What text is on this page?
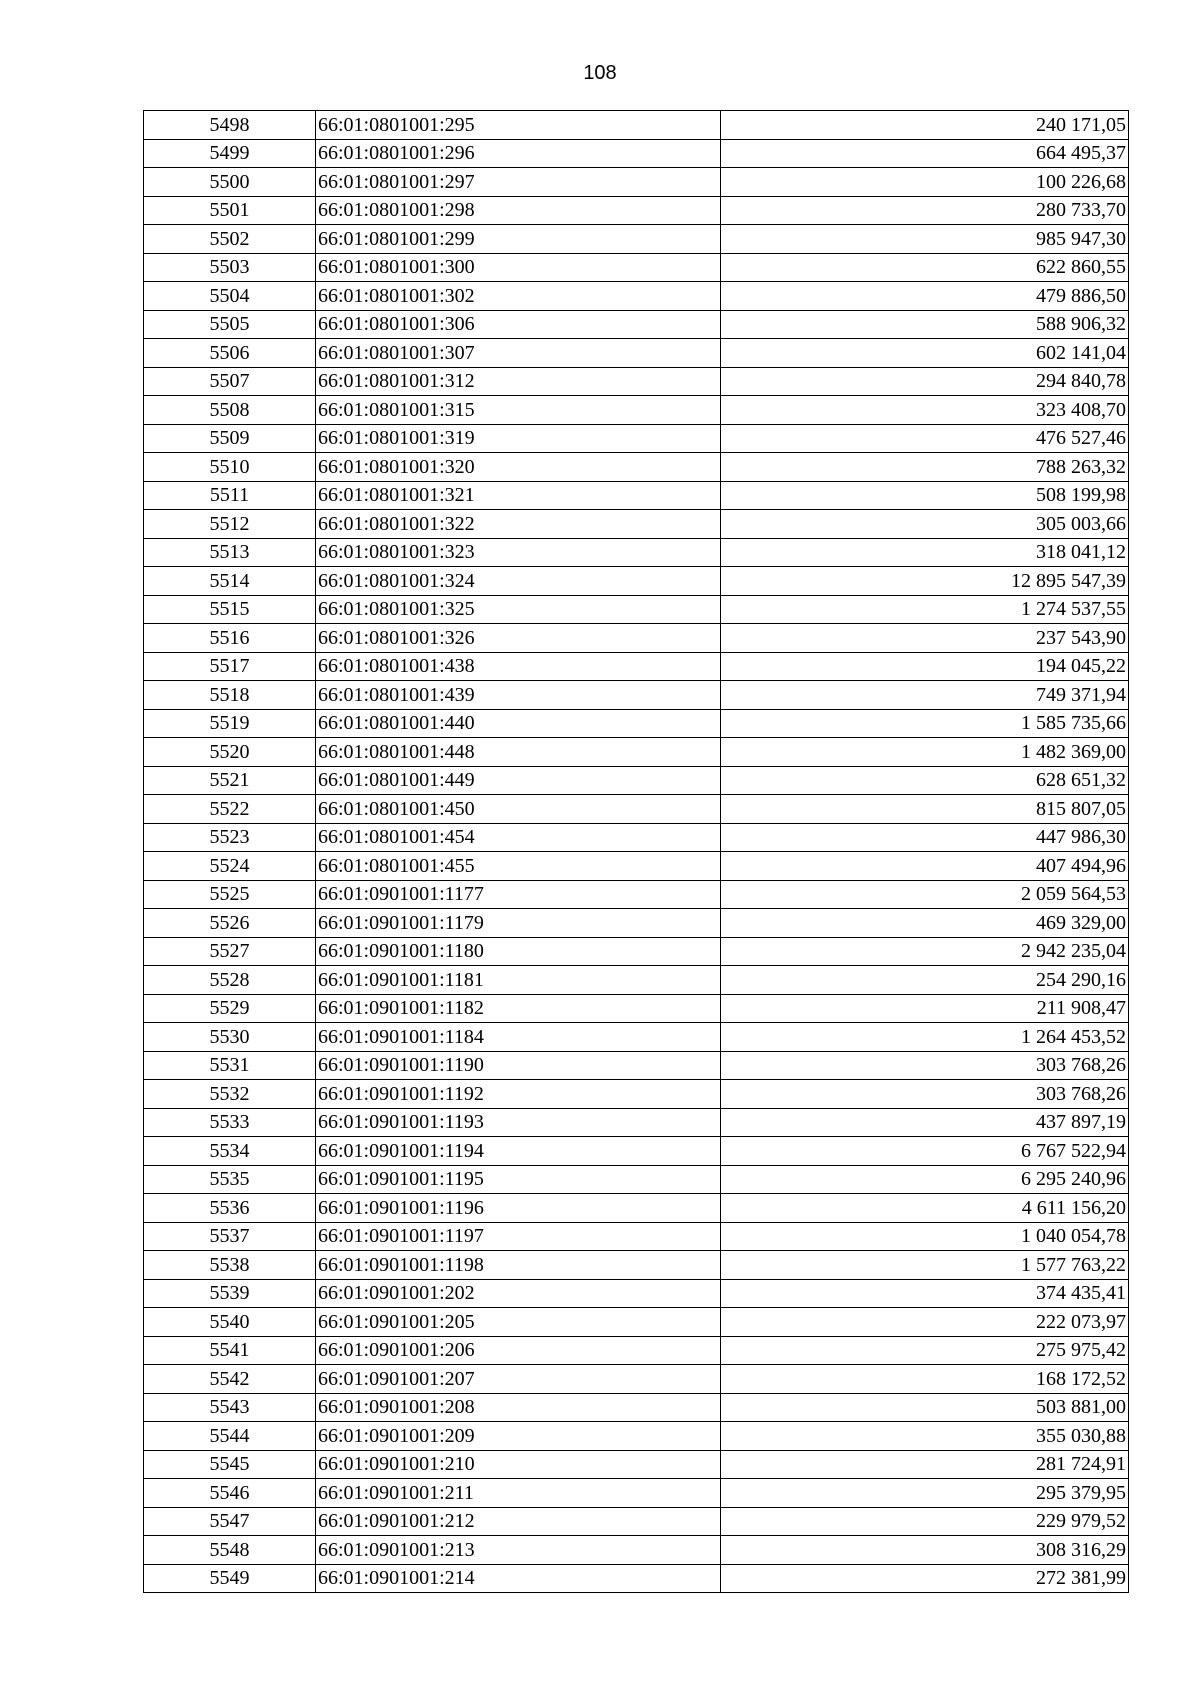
108
5498	66:01:0801001:295	240 171,05
5499	66:01:0801001:296	664 495,37
5500	66:01:0801001:297	100 226,68
5501	66:01:0801001:298	280 733,70
5502	66:01:0801001:299	985 947,30
5503	66:01:0801001:300	622 860,55
5504	66:01:0801001:302	479 886,50
5505	66:01:0801001:306	588 906,32
5506	66:01:0801001:307	602 141,04
5507	66:01:0801001:312	294 840,78
5508	66:01:0801001:315	323 408,70
5509	66:01:0801001:319	476 527,46
5510	66:01:0801001:320	788 263,32
5511	66:01:0801001:321	508 199,98
5512	66:01:0801001:322	305 003,66
5513	66:01:0801001:323	318 041,12
5514	66:01:0801001:324	12 895 547,39
5515	66:01:0801001:325	1 274 537,55
5516	66:01:0801001:326	237 543,90
5517	66:01:0801001:438	194 045,22
5518	66:01:0801001:439	749 371,94
5519	66:01:0801001:440	1 585 735,66
5520	66:01:0801001:448	1 482 369,00
5521	66:01:0801001:449	628 651,32
5522	66:01:0801001:450	815 807,05
5523	66:01:0801001:454	447 986,30
5524	66:01:0801001:455	407 494,96
5525	66:01:0901001:1177	2 059 564,53
5526	66:01:0901001:1179	469 329,00
5527	66:01:0901001:1180	2 942 235,04
5528	66:01:0901001:1181	254 290,16
5529	66:01:0901001:1182	211 908,47
5530	66:01:0901001:1184	1 264 453,52
5531	66:01:0901001:1190	303 768,26
5532	66:01:0901001:1192	303 768,26
5533	66:01:0901001:1193	437 897,19
5534	66:01:0901001:1194	6 767 522,94
5535	66:01:0901001:1195	6 295 240,96
5536	66:01:0901001:1196	4 611 156,20
5537	66:01:0901001:1197	1 040 054,78
5538	66:01:0901001:1198	1 577 763,22
5539	66:01:0901001:202	374 435,41
5540	66:01:0901001:205	222 073,97
5541	66:01:0901001:206	275 975,42
5542	66:01:0901001:207	168 172,52
5543	66:01:0901001:208	503 881,00
5544	66:01:0901001:209	355 030,88
5545	66:01:0901001:210	281 724,91
5546	66:01:0901001:211	295 379,95
5547	66:01:0901001:212	229 979,52
5548	66:01:0901001:213	308 316,29
5549	66:01:0901001:214	272 381,99
